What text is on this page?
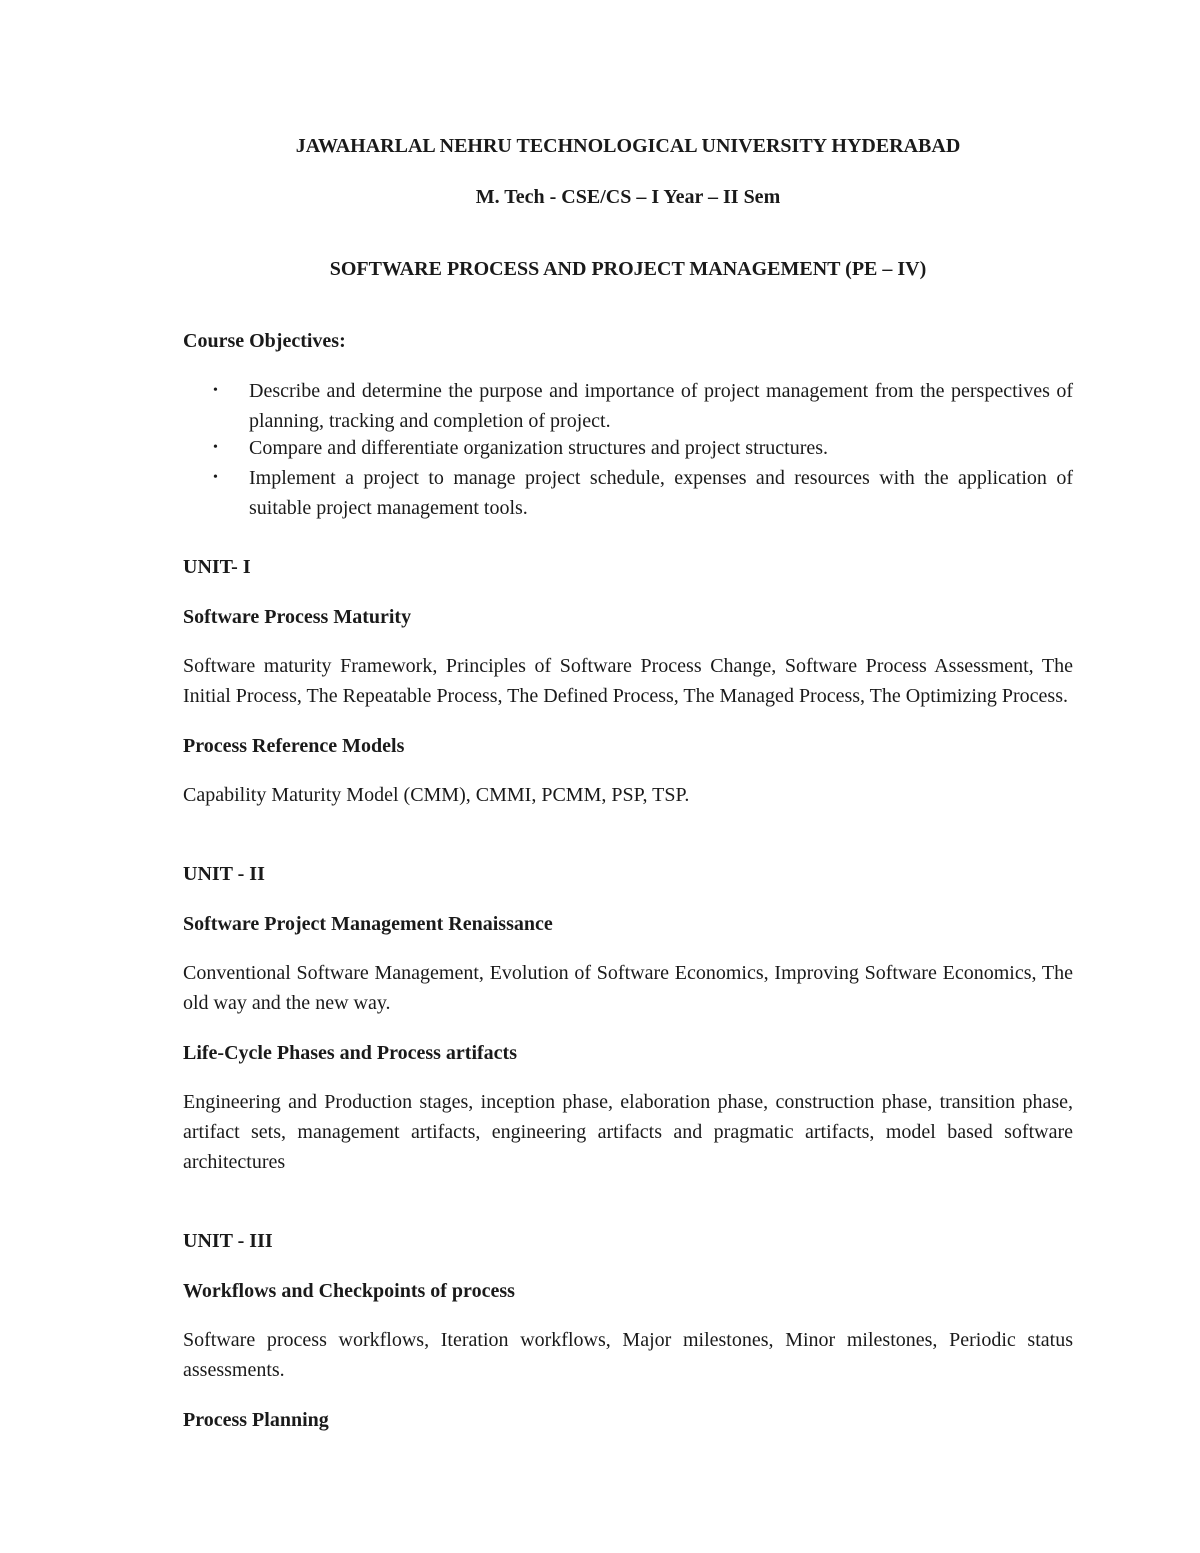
JAWAHARLAL NEHRU TECHNOLOGICAL UNIVERSITY HYDERABAD

M. Tech - CSE/CS – I Year – II Sem

SOFTWARE PROCESS AND PROJECT MANAGEMENT (PE – IV)

Course Objectives:

• Describe and determine the purpose and importance of project management from the perspectives of planning, tracking and completion of project.
• Compare and differentiate organization structures and project structures.
• Implement a project to manage project schedule, expenses and resources with the application of suitable project management tools.

UNIT- I

Software Process Maturity

Software maturity Framework, Principles of Software Process Change, Software Process Assessment, The Initial Process, The Repeatable Process, The Defined Process, The Managed Process, The Optimizing Process.

Process Reference Models

Capability Maturity Model (CMM), CMMI, PCMM, PSP, TSP.

UNIT - II

Software Project Management Renaissance

Conventional Software Management, Evolution of Software Economics, Improving Software Economics, The old way and the new way.

Life-Cycle Phases and Process artifacts

Engineering and Production stages, inception phase, elaboration phase, construction phase, transition phase, artifact sets, management artifacts, engineering artifacts and pragmatic artifacts, model based software architectures

UNIT - III

Workflows and Checkpoints of process

Software process workflows, Iteration workflows, Major milestones, Minor milestones, Periodic status assessments.

Process Planning
